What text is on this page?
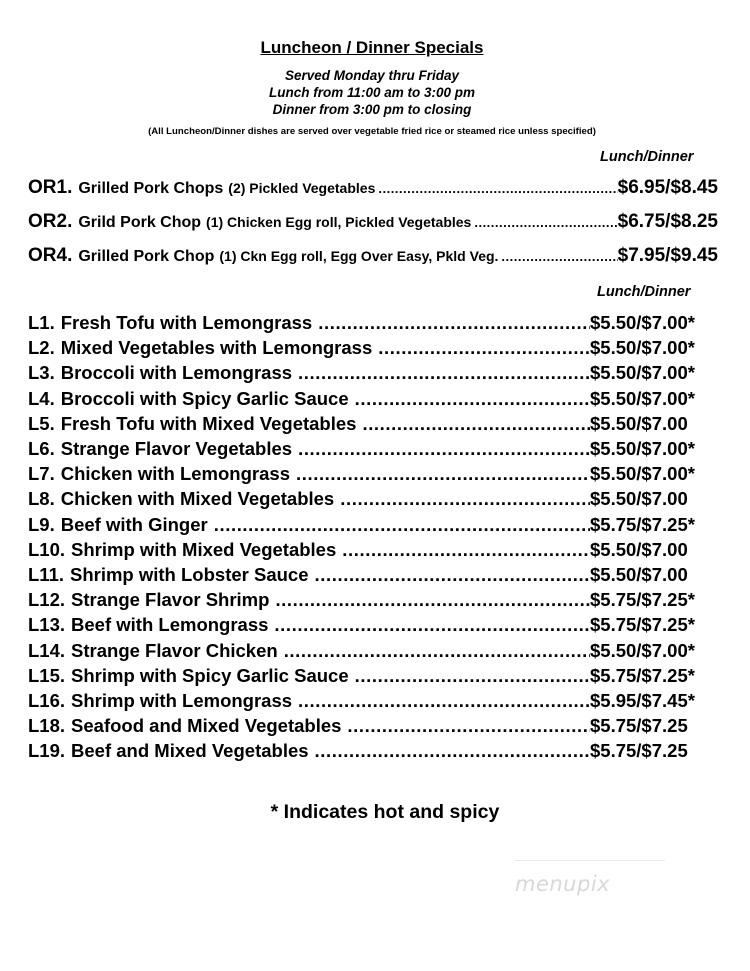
Luncheon / Dinner Specials
Served Monday thru Friday
Lunch from 11:00 am to 3:00 pm
Dinner from 3:00 pm to closing
(All Luncheon/Dinner dishes are served over vegetable fried rice or steamed rice unless specified)
Lunch/Dinner
OR1. Grilled Pork Chops (2) Pickled Vegetables .....	$6.95/$8.45
OR2. Grild Pork Chop (1) Chicken Egg roll, Pickled Vegetables .....	$6.75/$8.25
OR4. Grilled Pork Chop (1) Ckn Egg roll, Egg Over Easy, Pkld Veg. .....	$7.95/$9.45
Lunch/Dinner
L1. Fresh Tofu with Lemongrass .....	$5.50/$7.00*
L2. Mixed Vegetables with Lemongrass .....	$5.50/$7.00*
L3. Broccoli with Lemongrass .....	$5.50/$7.00*
L4. Broccoli with Spicy Garlic Sauce .....	$5.50/$7.00*
L5. Fresh Tofu with Mixed Vegetables .....	$5.50/$7.00
L6. Strange Flavor Vegetables .....	$5.50/$7.00*
L7. Chicken with Lemongrass .....	$5.50/$7.00*
L8. Chicken with Mixed Vegetables .....	$5.50/$7.00
L9. Beef with Ginger .....	$5.75/$7.25*
L10. Shrimp with Mixed Vegetables .....	$5.50/$7.00
L11. Shrimp with Lobster Sauce .....	$5.50/$7.00
L12. Strange Flavor Shrimp .....	$5.75/$7.25*
L13. Beef with Lemongrass .....	$5.75/$7.25*
L14. Strange Flavor Chicken .....	$5.50/$7.00*
L15. Shrimp with Spicy Garlic Sauce .....	$5.75/$7.25*
L16. Shrimp with Lemongrass .....	$5.95/$7.45*
L18. Seafood and Mixed Vegetables .....	$5.75/$7.25
L19. Beef and Mixed Vegetables .....	$5.75/$7.25
* Indicates hot and spicy
menupix
